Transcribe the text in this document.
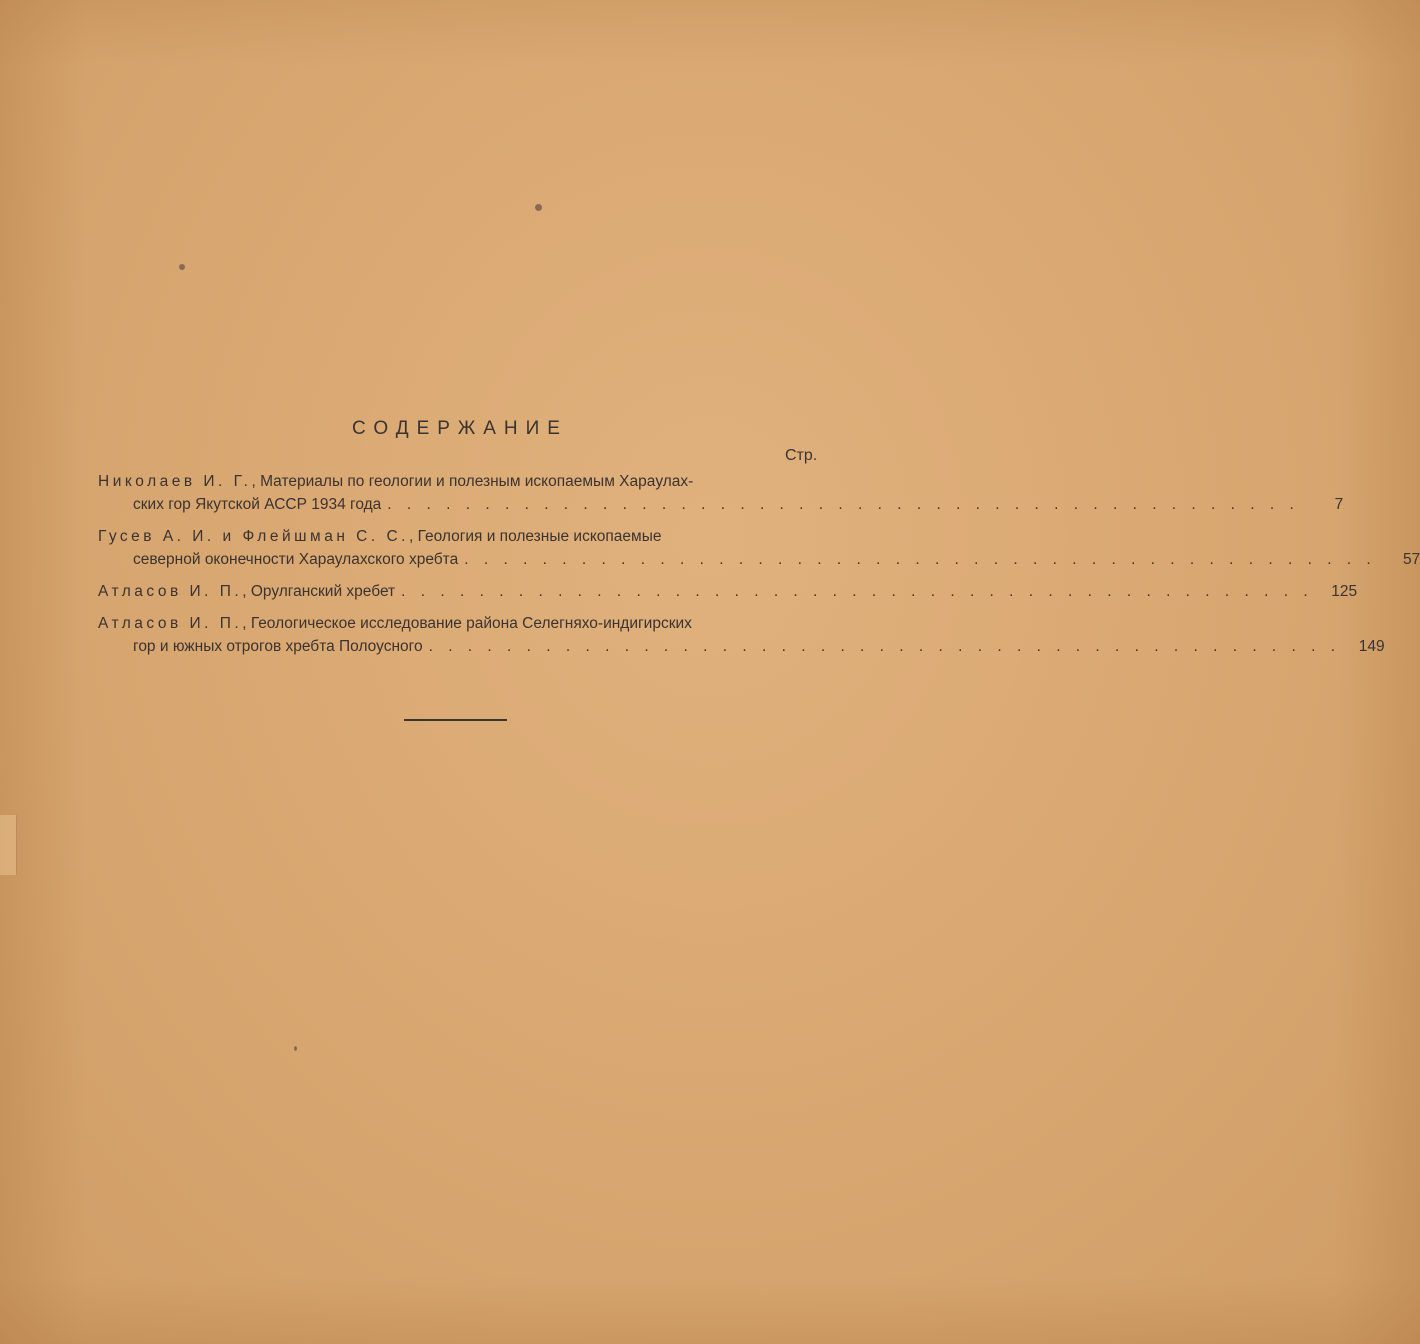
СОДЕРЖАНИЕ
Стр.
Николаев И. Г., Материалы по геологии и полезным ископаемым Харaулах-
ских гор Якутской АССР 1934 года . . . . . . . . . . . . . . . . . . . . . . . . . . . . . . . . . . . . . . . . . . . . . . .	7
Гусев А. И. и Флейшман С. С., Геология и полезные ископаемые
северной оконечности Хараулахского хребта . . . . . . . . . . . . . . . . . . . . . . . . . . . . . . . . . . . . . . . . . . . . . . .	57
Атласов И. П., Орулганский хребет . . . . . . . . . . . . . . . . . . . . . . . . . . . . . . . . . . . . . . . . . . . . . . .	125
Атласов И. П., Геологическое исследование района Селегняхо-индигирских
гор и южных отрогов хребта Полоусного . . . . . . . . . . . . . . . . . . . . . . . . . . . . . . . . . . . . . . . . . . . . . . .	149
